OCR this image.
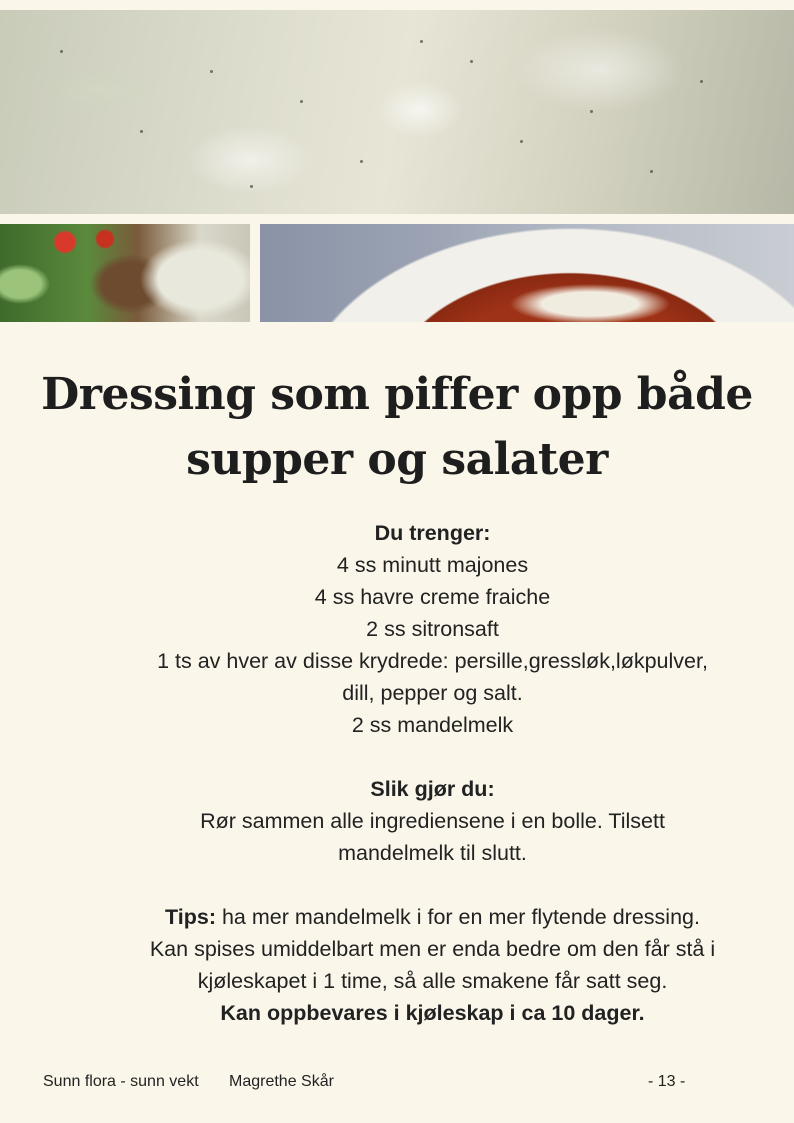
Dressing som piffer opp både
supper og salater
Du trenger:
4 ss minutt majones
4 ss havre creme fraiche
2 ss sitronsaft
1 ts av hver av disse krydrede: persille,gressløk,løkpulver,
dill, pepper og salt.
2 ss mandelmelk
Slik gjør du:
Rør sammen alle ingrediensene i en bolle. Tilsett
mandelmelk til slutt.
Tips: ha mer mandelmelk i for en mer flytende dressing.
Kan spises umiddelbart men er enda bedre om den får stå i
kjøleskapet i 1 time, så alle smakene får satt seg.
Kan oppbevares i kjøleskap i ca 10 dager.
Sunn flora - sunn vekt Magrethe Skår	- 13 -
